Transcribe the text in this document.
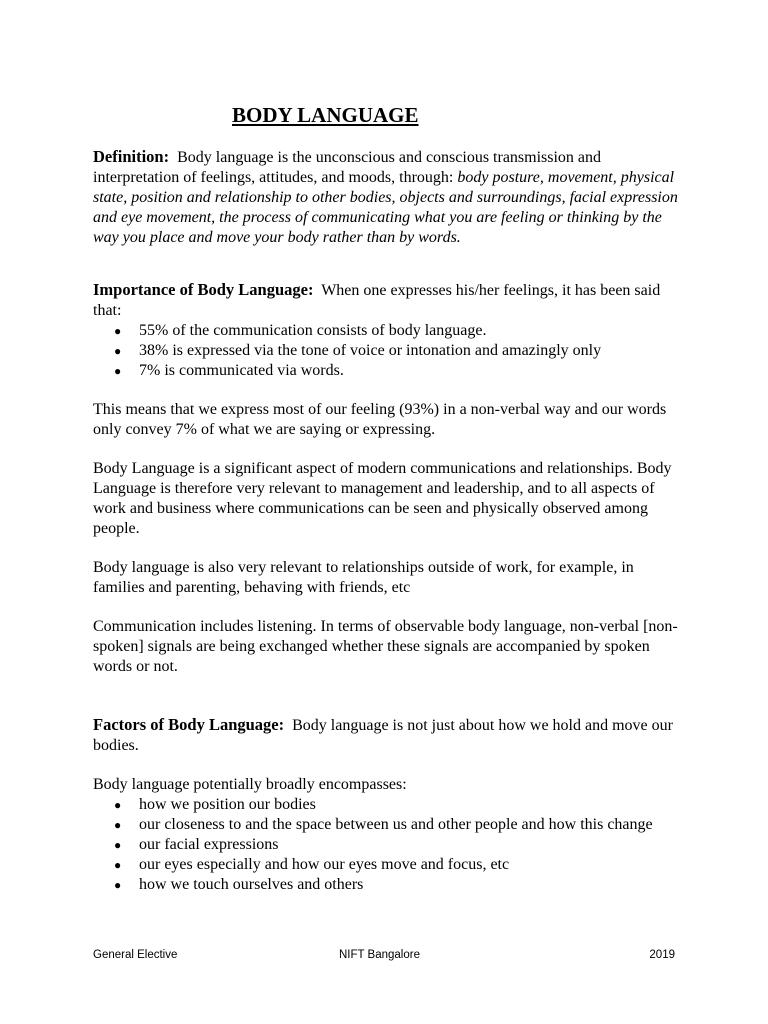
BODY LANGUAGE

Definition: Body language is the unconscious and conscious transmission and interpretation of feelings, attitudes, and moods, through: body posture, movement, physical state, position and relationship to other bodies, objects and surroundings, facial expression and eye movement, the process of communicating what you are feeling or thinking by the way you place and move your body rather than by words.

Importance of Body Language: When one expresses his/her feelings, it has been said that:

● 55% of the communication consists of body language.
● 38% is expressed via the tone of voice or intonation and amazingly only
● 7% is communicated via words.

This means that we express most of our feeling (93%) in a non-verbal way and our words only convey 7% of what we are saying or expressing.

Body Language is a significant aspect of modern communications and relationships. Body Language is therefore very relevant to management and leadership, and to all aspects of work and business where communications can be seen and physically observed among people.

Body language is also very relevant to relationships outside of work, for example, in families and parenting, behaving with friends, etc

Communication includes listening. In terms of observable body language, non-verbal [non-spoken] signals are being exchanged whether these signals are accompanied by spoken words or not.

Factors of Body Language: Body language is not just about how we hold and move our bodies.

Body language potentially broadly encompasses:

● how we position our bodies
● our closeness to and the space between us and other people and how this change
● our facial expressions
● our eyes especially and how our eyes move and focus, etc
● how we touch ourselves and others
General Elective	NIFT Bangalore	2019
